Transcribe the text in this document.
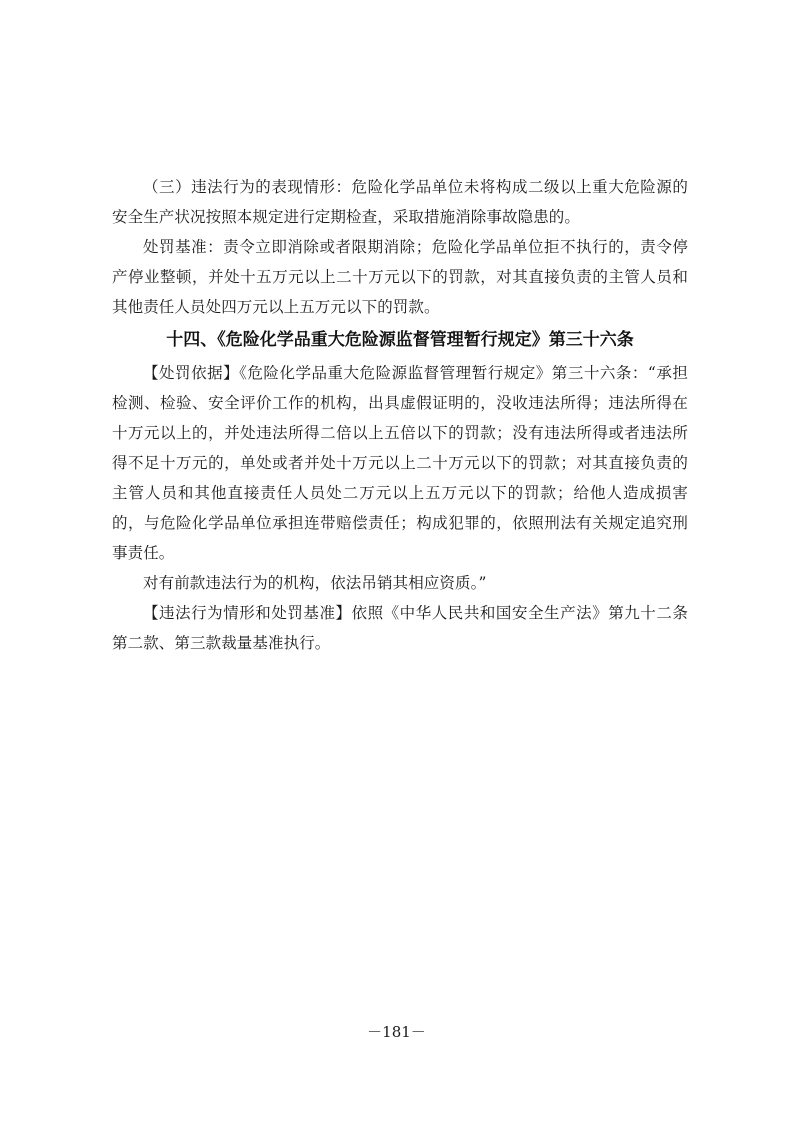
（三）违法行为的表现情形：危险化学品单位未将构成二级以上重大危险源的安全生产状况按照本规定进行定期检查，采取措施消除事故隐患的。

处罚基准：责令立即消除或者限期消除；危险化学品单位拒不执行的，责令停产停业整顿，并处十五万元以上二十万元以下的罚款，对其直接负责的主管人员和其他责任人员处四万元以上五万元以下的罚款。

十四、《危险化学品重大危险源监督管理暂行规定》第三十六条

【处罚依据】《危险化学品重大危险源监督管理暂行规定》第三十六条：“承担检测、检验、安全评价工作的机构，出具虚假证明的，没收违法所得；违法所得在十万元以上的，并处违法所得二倍以上五倍以下的罚款；没有违法所得或者违法所得不足十万元的，单处或者并处十万元以上二十万元以下的罚款；对其直接负责的主管人员和其他直接责任人员处二万元以上五万元以下的罚款；给他人造成损害的，与危险化学品单位承担连带赔偿责任；构成犯罪的，依照刑法有关规定追究刑事责任。

对有前款违法行为的机构，依法吊销其相应资质。”

【违法行为情形和处罚基准】依照《中华人民共和国安全生产法》第九十二条第二款、第三款裁量基准执行。

－181－
